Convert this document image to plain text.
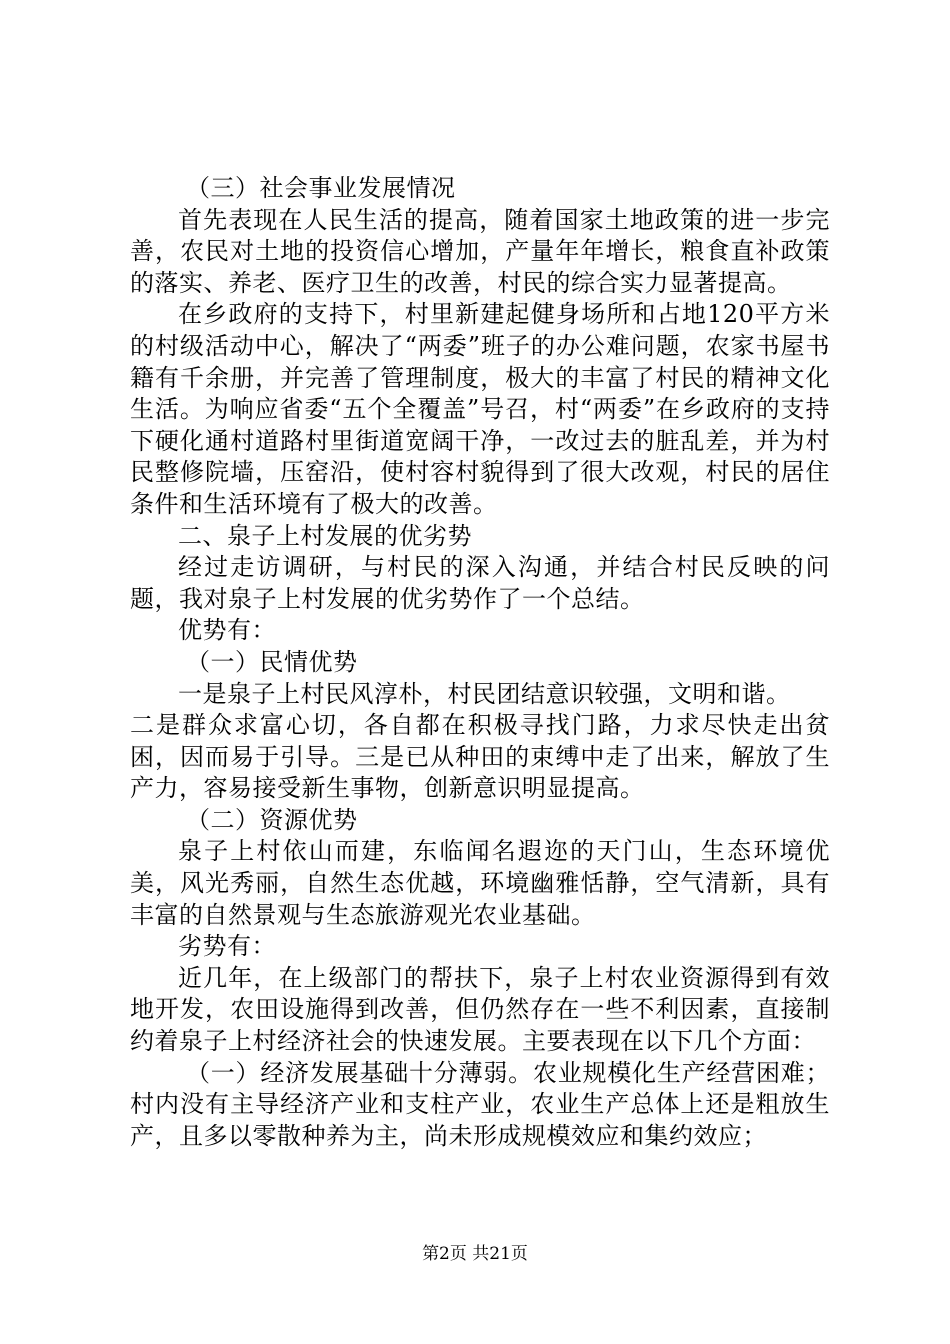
（三）社会事业发展情况

首先表现在人民生活的提高，随着国家土地政策的进一步完善，农民对土地的投资信心增加，产量年年增长，粮食直补政策的落实、养老、医疗卫生的改善，村民的综合实力显著提高。

在乡政府的支持下，村里新建起健身场所和占地120平方米的村级活动中心，解决了“两委”班子的办公难问题，农家书屋书籍有千余册，并完善了管理制度，极大的丰富了村民的精神文化生活。为响应省委“五个全覆盖”号召，村“两委”在乡政府的支持下硬化通村道路村里街道宽阔干净，一改过去的脏乱差，并为村民整修院墙，压窑沿，使村容村貌得到了很大改观，村民的居住条件和生活环境有了极大的改善。

二、泉子上村发展的优劣势

经过走访调研，与村民的深入沟通，并结合村民反映的问题，我对泉子上村发展的优劣势作了一个总结。

优势有：

（一）民情优势

一是泉子上村民风淳朴，村民团结意识较强，文明和谐。

二是群众求富心切，各自都在积极寻找门路，力求尽快走出贫困，因而易于引导。三是已从种田的束缚中走了出来，解放了生产力，容易接受新生事物，创新意识明显提高。

（二）资源优势

泉子上村依山而建，东临闻名遐迩的天门山，生态环境优美，风光秀丽，自然生态优越，环境幽雅恬静，空气清新，具有丰富的自然景观与生态旅游观光农业基础。

劣势有：

近几年，在上级部门的帮扶下，泉子上村农业资源得到有效地开发，农田设施得到改善，但仍然存在一些不利因素，直接制约着泉子上村经济社会的快速发展。主要表现在以下几个方面：

（一）经济发展基础十分薄弱。农业规模化生产经营困难；村内没有主导经济产业和支柱产业，农业生产总体上还是粗放生产，且多以零散种养为主，尚未形成规模效应和集约效应；

第2页 共21页
